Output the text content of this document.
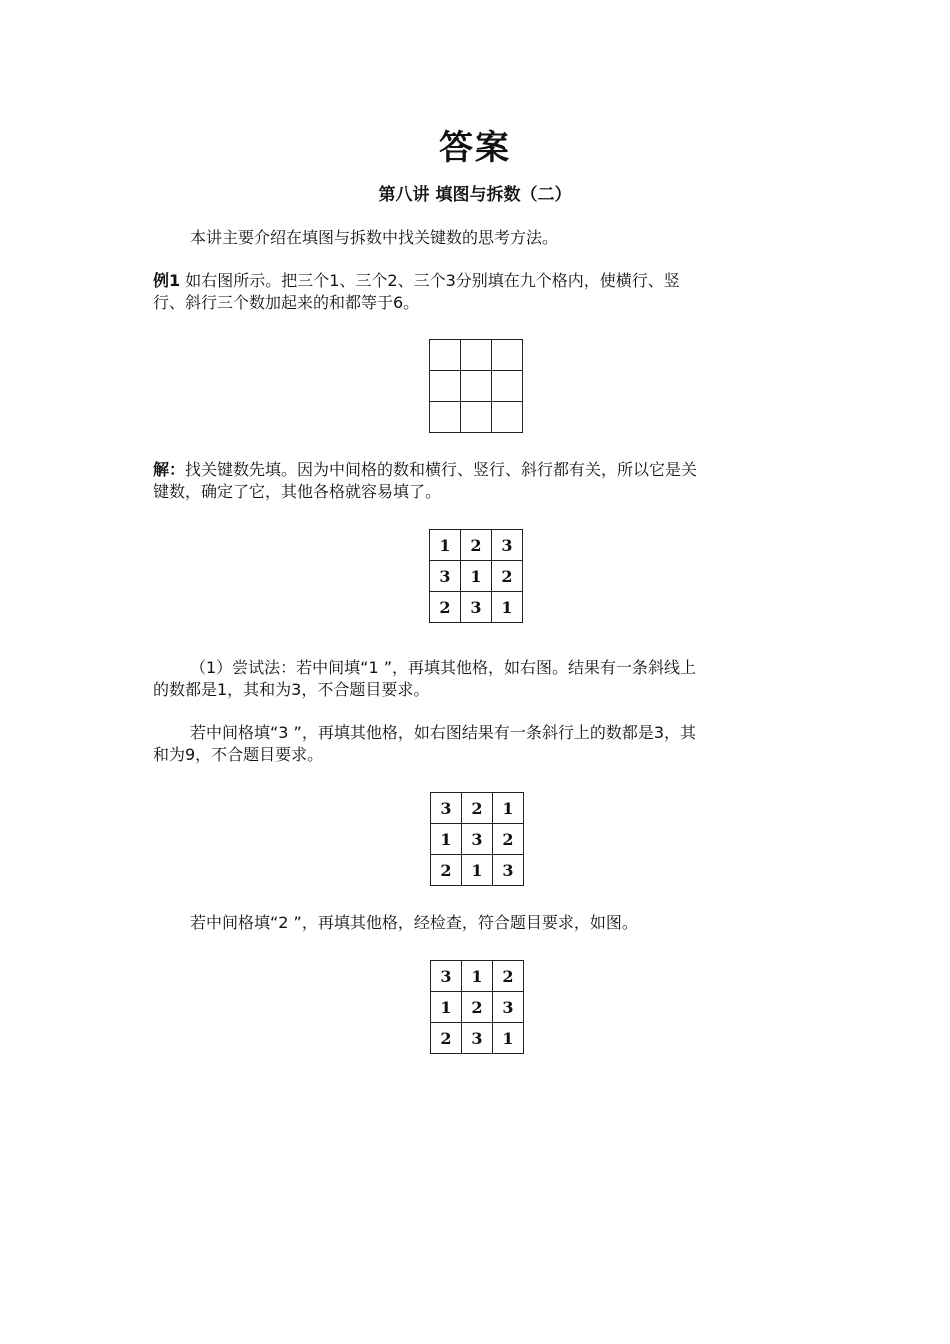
答案
第八讲 填图与拆数（二）

本讲主要介绍在填图与拆数中找关键数的思考方法。

例1 如右图所示。把三个1、三个2、三个3分别填在九个格内，使横行、竖
行、斜行三个数加起来的和都等于6。

解：找关键数先填。因为中间格的数和横行、竖行、斜行都有关，所以它是关
键数，确定了它，其他各格就容易填了。

1	2	3
3	1	2
2	3	1

（1）尝试法：若中间填“1 ”，再填其他格，如右图。结果有一条斜线上
的数都是1，其和为3，不合题目要求。

若中间格填“3 ”，再填其他格，如右图结果有一条斜行上的数都是3，其
和为9，不合题目要求。

3	2	1
1	3	2
2	1	3

若中间格填“2 ”，再填其他格，经检查，符合题目要求，如图。

3	1	2
1	2	3
2	3	1
